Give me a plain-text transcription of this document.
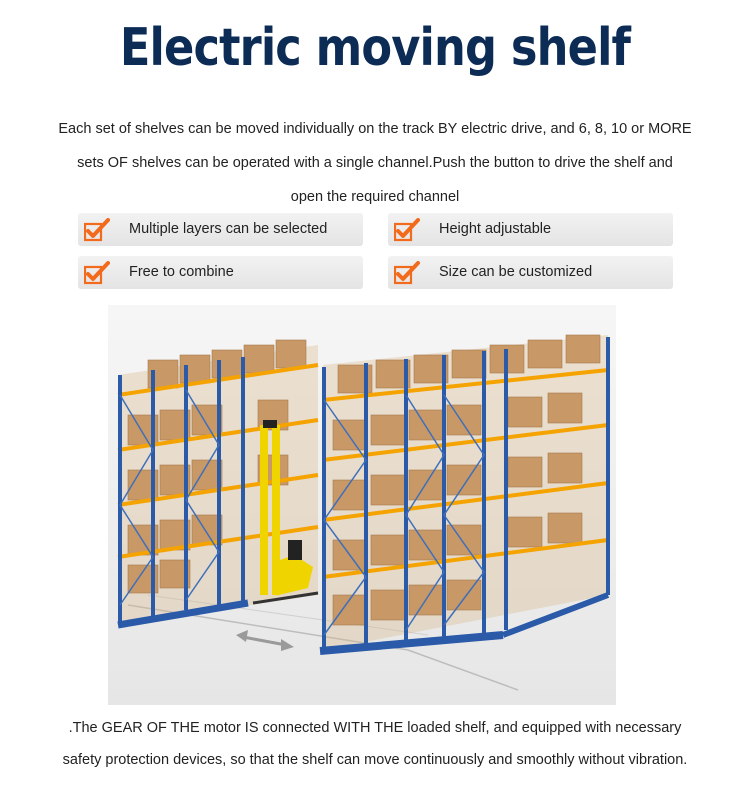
Electric moving shelf
Each set of shelves can be moved individually on the track BY electric drive, and 6, 8, 10 or MORE
sets OF shelves can be operated with a single channel.Push the button to drive the shelf and
open the required channel
Multiple layers can be selected	Height adjustable
Free to combine	Size can be customized
.The GEAR OF THE motor IS connected WITH THE loaded shelf, and equipped with necessary
safety protection devices, so that the shelf can move continuously and smoothly without vibration.
